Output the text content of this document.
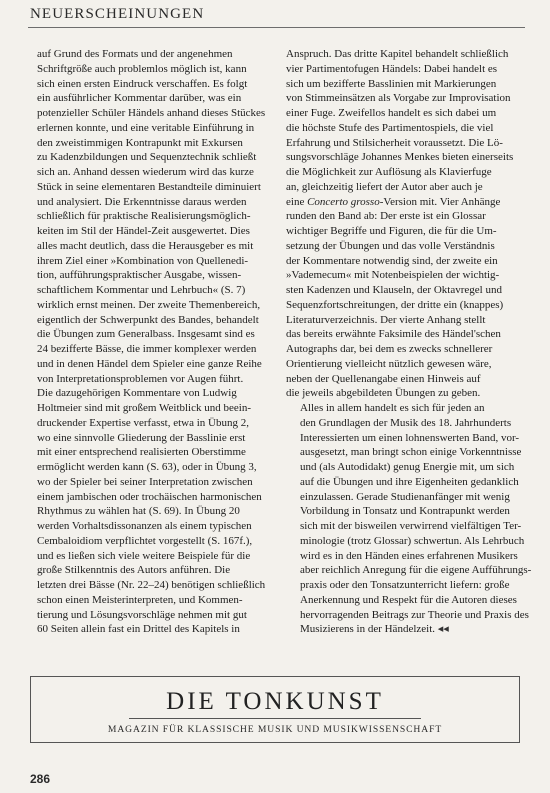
NEUERSCHEINUNGEN

auf Grund des Formats und der angenehmen
Schriftgröße auch problemlos möglich ist, kann
sich einen ersten Eindruck verschaffen. Es folgt
ein ausführlicher Kommentar darüber, was ein
potenzieller Schüler Händels anhand dieses Stückes
erlernen konnte, und eine veritable Einführung in
den zweistimmigen Kontrapunkt mit Exkursen
zu Kadenzbildungen und Sequenztechnik schließt
sich an. Anhand dessen wiederum wird das kurze
Stück in seine elementaren Bestandteile diminuiert
und analysiert. Die Erkenntnisse daraus werden
schließlich für praktische Realisierungsmöglich-
keiten im Stil der Händel-Zeit ausgewertet. Dies
alles macht deutlich, dass die Herausgeber es mit
ihrem Ziel einer »Kombination von Quellenedi-
tion, aufführungspraktischer Ausgabe, wissen-
schaftlichem Kommentar und Lehrbuch« (S. 7)
wirklich ernst meinen. Der zweite Themenbereich,
eigentlich der Schwerpunkt des Bandes, behandelt
die Übungen zum Generalbass. Insgesamt sind es
24 bezifferte Bässe, die immer komplexer werden
und in denen Händel dem Spieler eine ganze Reihe
von Interpretationsproblemen vor Augen führt.
Die dazugehörigen Kommentare von Ludwig
Holtmeier sind mit großem Weitblick und beein-
druckender Expertise verfasst, etwa in Übung 2,
wo eine sinnvolle Gliederung der Basslinie erst
mit einer entsprechend realisierten Oberstimme
ermöglicht werden kann (S. 63), oder in Übung 3,
wo der Spieler bei seiner Interpretation zwischen
einem jambischen oder trochäischen harmonischen
Rhythmus zu wählen hat (S. 69). In Übung 20
werden Vorhaltsdissonanzen als einem typischen
Cembaloidiom verpflichtet vorgestellt (S. 167f.),
und es ließen sich viele weitere Beispiele für die
große Stilkenntnis des Autors anführen. Die
letzten drei Bässe (Nr. 22–24) benötigen schließlich
schon einen Meisterinterpreten, und Kommen-
tierung und Lösungsvorschläge nehmen mit gut
60 Seiten allein fast ein Drittel des Kapitels in

Anspruch. Das dritte Kapitel behandelt schließlich
vier Partimentofugen Händels: Dabei handelt es
sich um bezifferte Basslinien mit Markierungen
von Stimmeinsätzen als Vorgabe zur Improvisation
einer Fuge. Zweifellos handelt es sich dabei um
die höchste Stufe des Partimentospiels, die viel
Erfahrung und Stilsicherheit voraussetzt. Die Lö-
sungsvorschläge Johannes Menkes bieten einerseits
die Möglichkeit zur Auflösung als Klavierfuge
an, gleichzeitig liefert der Autor aber auch je
eine Concerto grosso-Version mit. Vier Anhänge
runden den Band ab: Der erste ist ein Glossar
wichtiger Begriffe und Figuren, die für die Um-
setzung der Übungen und das volle Verständnis
der Kommentare notwendig sind, der zweite ein
»Vademecum« mit Notenbeispielen der wichtig-
sten Kadenzen und Klauseln, der Oktavregel und
Sequenzfortschreitungen, der dritte ein (knappes)
Literaturverzeichnis. Der vierte Anhang stellt
das bereits erwähnte Faksimile des Händel'schen
Autographs dar, bei dem es zwecks schnellerer
Orientierung vielleicht nützlich gewesen wäre,
neben der Quellenangabe einen Hinweis auf
die jeweils abgebildeten Übungen zu geben.

Alles in allem handelt es sich für jeden an
den Grundlagen der Musik des 18. Jahrhunderts
Interessierten um einen lohnenswerten Band, vor-
ausgesetzt, man bringt schon einige Vorkenntnisse
und (als Autodidakt) genug Energie mit, um sich
auf die Übungen und ihre Eigenheiten gedanklich
einzulassen. Gerade Studienanfänger mit wenig
Vorbildung in Tonsatz und Kontrapunkt werden
sich mit der bisweilen verwirrend vielfältigen Ter-
minologie (trotz Glossar) schwertun. Als Lehrbuch
wird es in den Händen eines erfahrenen Musikers
aber reichlich Anregung für die eigene Aufführungs-
praxis oder den Tonsatzunterricht liefern: große
Anerkennung und Respekt für die Autoren dieses
hervorragenden Beitrags zur Theorie und Praxis des
Musizierens in der Händelzeit. ◂◂

DIE TONKUNST
MAGAZIN FÜR KLASSISCHE MUSIK UND MUSIKWISSENSCHAFT
286
